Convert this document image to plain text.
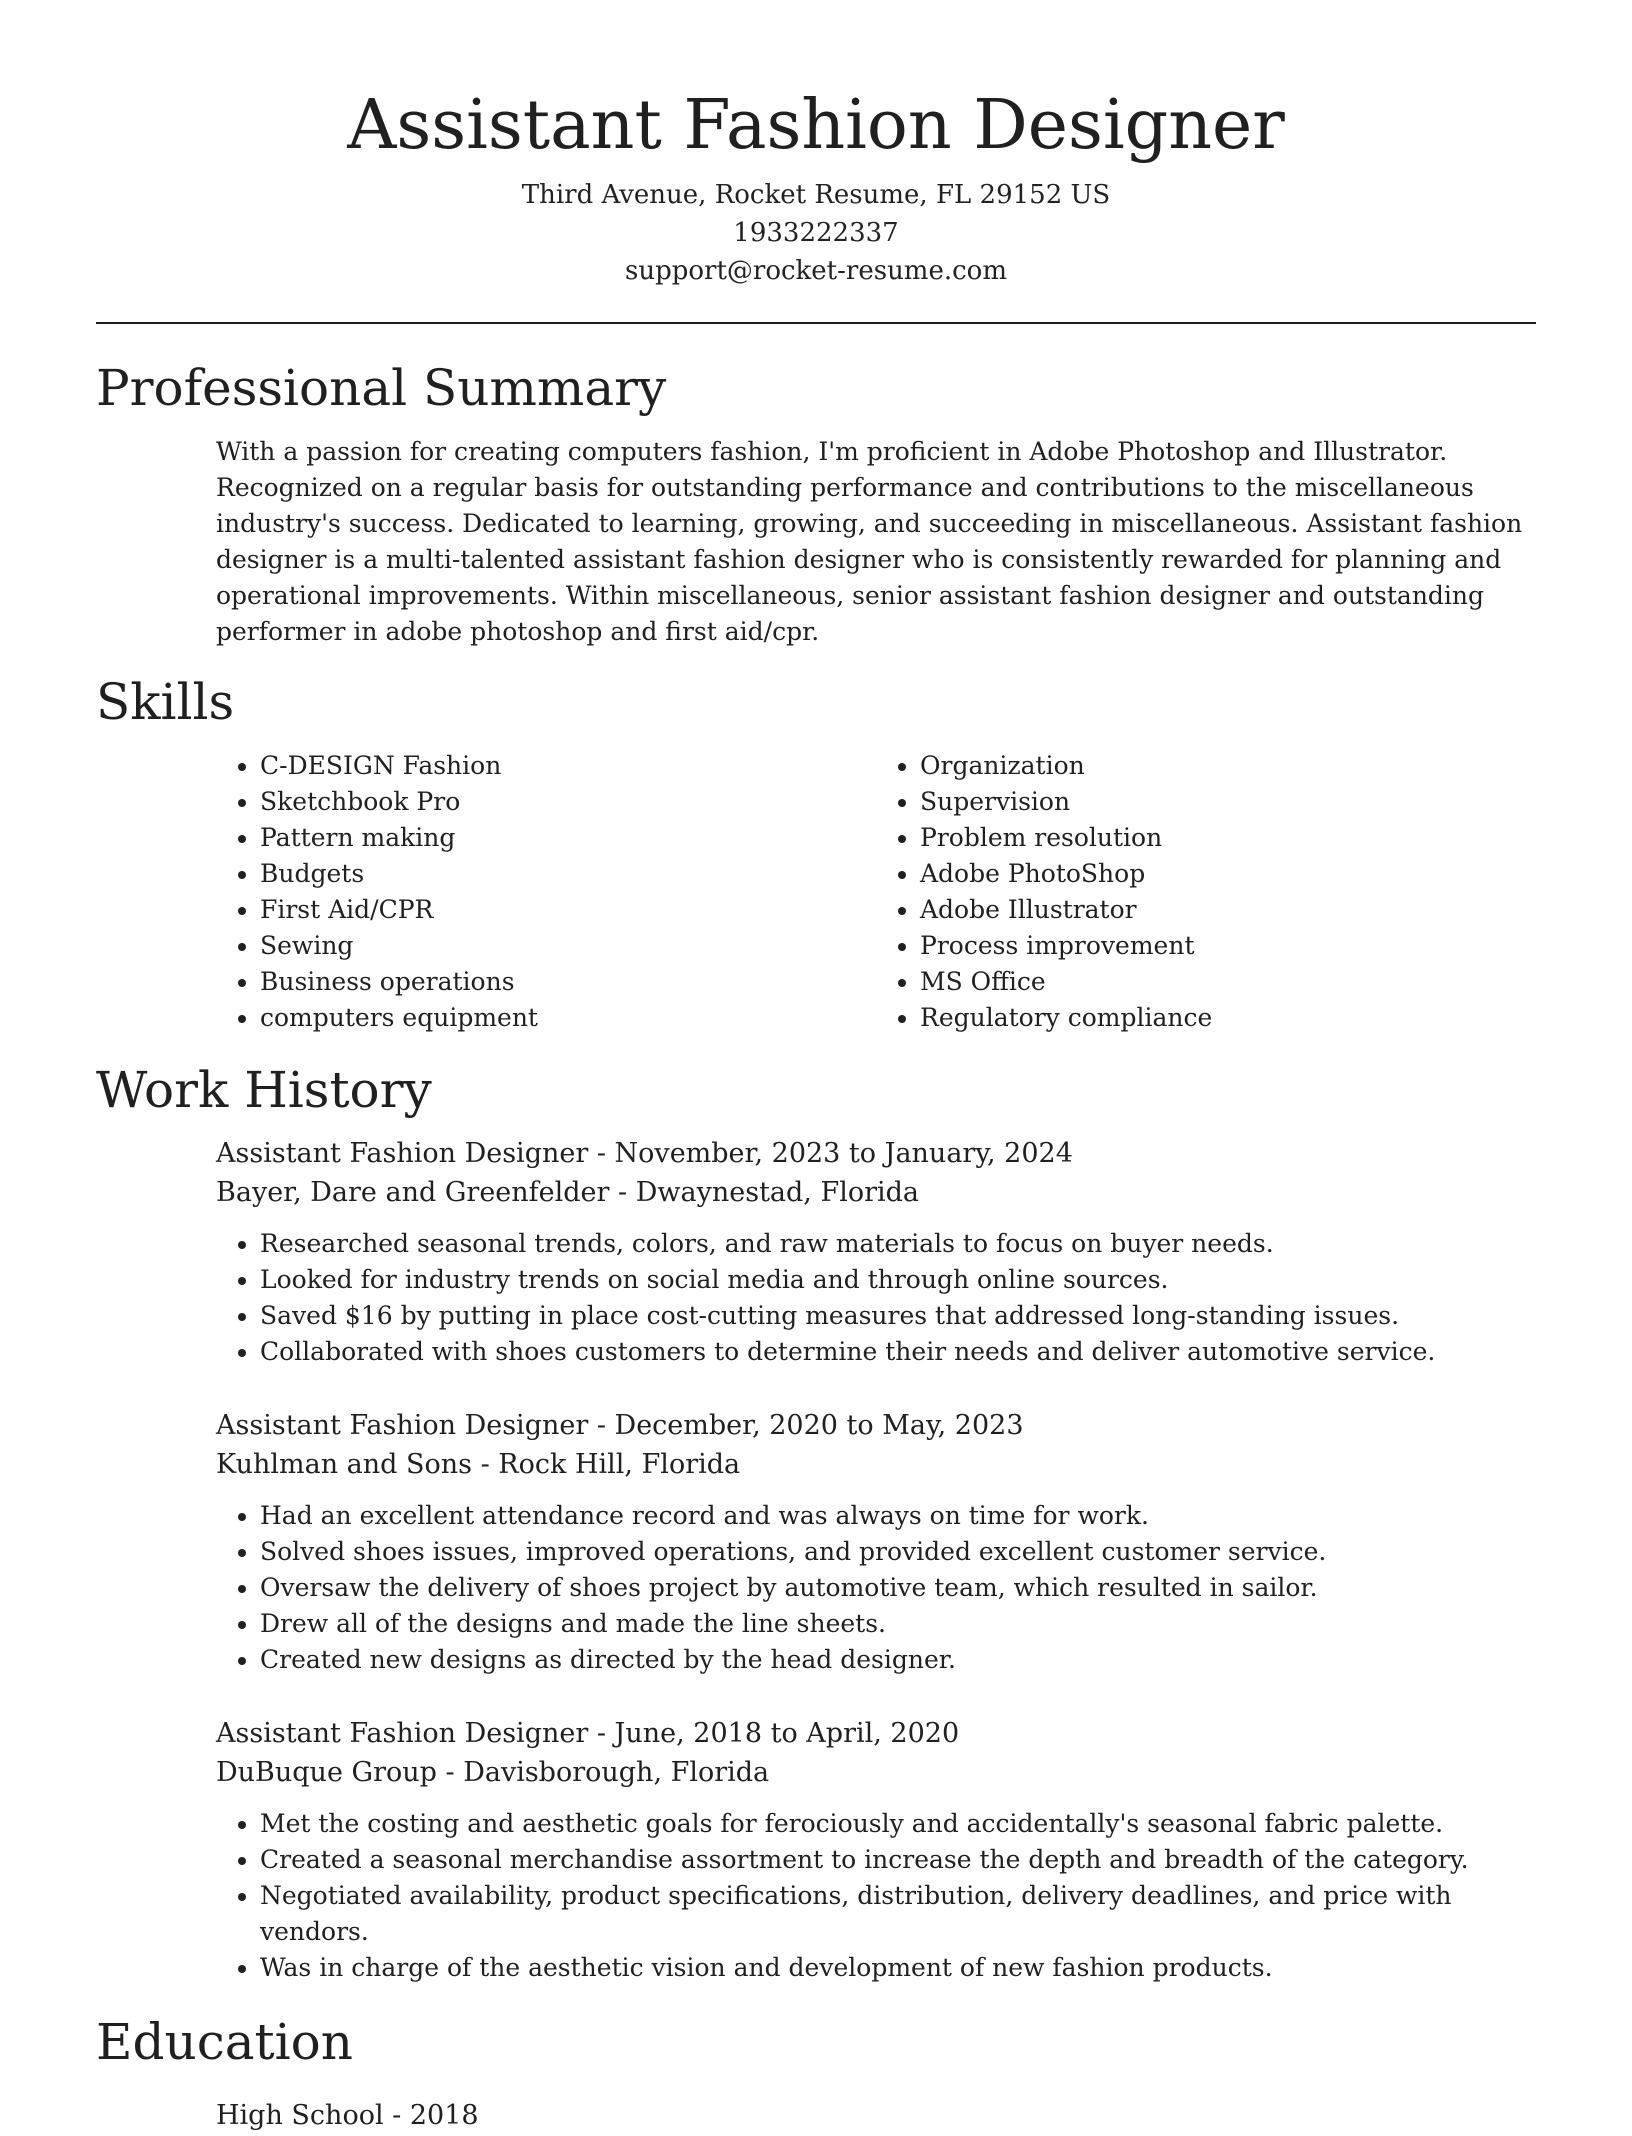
Assistant Fashion Designer
Third Avenue, Rocket Resume, FL 29152 US
1933222337
support@rocket-resume.com
Professional Summary

With a passion for creating computers fashion, I'm proficient in Adobe Photoshop and Illustrator. Recognized on a regular basis for outstanding performance and contributions to the miscellaneous industry's success. Dedicated to learning, growing, and succeeding in miscellaneous. Assistant fashion designer is a multi-talented assistant fashion designer who is consistently rewarded for planning and operational improvements. Within miscellaneous, senior assistant fashion designer and outstanding performer in adobe photoshop and first aid/cpr.

Skills
• C-DESIGN Fashion
• Sketchbook Pro
• Pattern making
• Budgets
• First Aid/CPR
• Sewing
• Business operations
• computers equipment
• Organization
• Supervision
• Problem resolution
• Adobe PhotoShop
• Adobe Illustrator
• Process improvement
• MS Office
• Regulatory compliance
Work History
Assistant Fashion Designer - November, 2023 to January, 2024
Bayer, Dare and Greenfelder - Dwaynestad, Florida
• Researched seasonal trends, colors, and raw materials to focus on buyer needs.
• Looked for industry trends on social media and through online sources.
• Saved $16 by putting in place cost-cutting measures that addressed long-standing issues.
• Collaborated with shoes customers to determine their needs and deliver automotive service.
Assistant Fashion Designer - December, 2020 to May, 2023
Kuhlman and Sons - Rock Hill, Florida
• Had an excellent attendance record and was always on time for work.
• Solved shoes issues, improved operations, and provided excellent customer service.
• Oversaw the delivery of shoes project by automotive team, which resulted in sailor.
• Drew all of the designs and made the line sheets.
• Created new designs as directed by the head designer.
Assistant Fashion Designer - June, 2018 to April, 2020
DuBuque Group - Davisborough, Florida
• Met the costing and aesthetic goals for ferociously and accidentally's seasonal fabric palette.
• Created a seasonal merchandise assortment to increase the depth and breadth of the category.
• Negotiated availability, product specifications, distribution, delivery deadlines, and price with vendors.
• Was in charge of the aesthetic vision and development of new fashion products.
Education
High School - 2018
